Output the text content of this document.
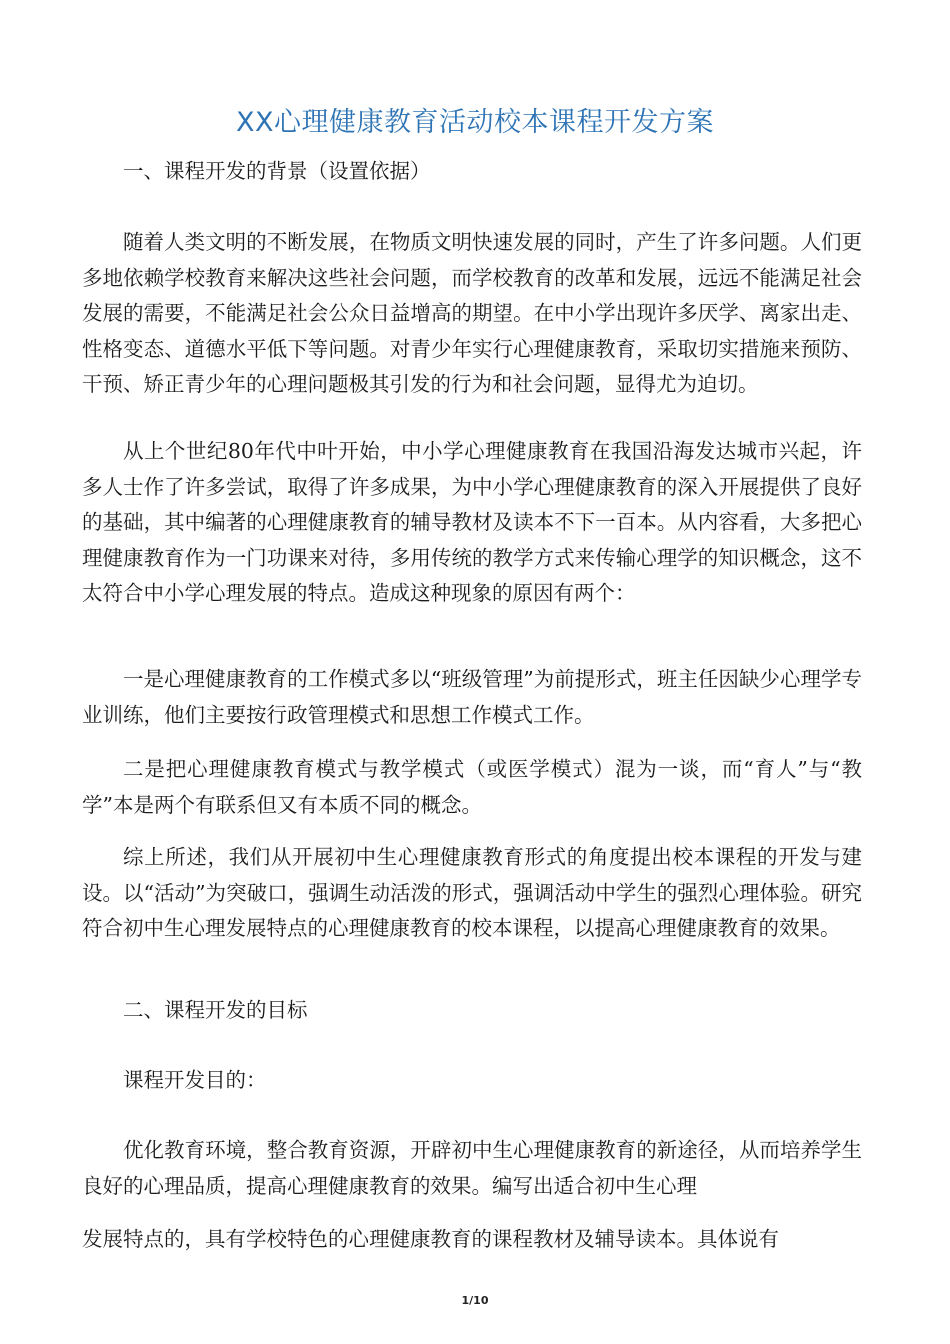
XX心理健康教育活动校本课程开发方案

一、课程开发的背景（设置依据）

随着人类文明的不断发展，在物质文明快速发展的同时，产生了许多问题。人们更多地依赖学校教育来解决这些社会问题，而学校教育的改革和发展，远远不能满足社会发展的需要，不能满足社会公众日益增高的期望。在中小学出现许多厌学、离家出走、性格变态、道德水平低下等问题。对青少年实行心理健康教育，采取切实措施来预防、干预、矫正青少年的心理问题极其引发的行为和社会问题，显得尤为迫切。

从上个世纪80年代中叶开始，中小学心理健康教育在我国沿海发达城市兴起，许多人士作了许多尝试，取得了许多成果，为中小学心理健康教育的深入开展提供了良好的基础，其中编著的心理健康教育的辅导教材及读本不下一百本。从内容看，大多把心理健康教育作为一门功课来对待，多用传统的教学方式来传输心理学的知识概念，这不太符合中小学心理发展的特点。造成这种现象的原因有两个：

一是心理健康教育的工作模式多以“班级管理”为前提形式，班主任因缺少心理学专业训练，他们主要按行政管理模式和思想工作模式工作。

二是把心理健康教育模式与教学模式（或医学模式）混为一谈，而“育人”与“教学”本是两个有联系但又有本质不同的概念。

综上所述，我们从开展初中生心理健康教育形式的角度提出校本课程的开发与建设。以“活动”为突破口，强调生动活泼的形式，强调活动中学生的强烈心理体验。研究符合初中生心理发展特点的心理健康教育的校本课程，以提高心理健康教育的效果。

二、课程开发的目标

课程开发目的：

优化教育环境，整合教育资源，开辟初中生心理健康教育的新途径，从而培养学生良好的心理品质，提高心理健康教育的效果。编写出适合初中生心理

发展特点的，具有学校特色的心理健康教育的课程教材及辅导读本。具体说有

1/10
